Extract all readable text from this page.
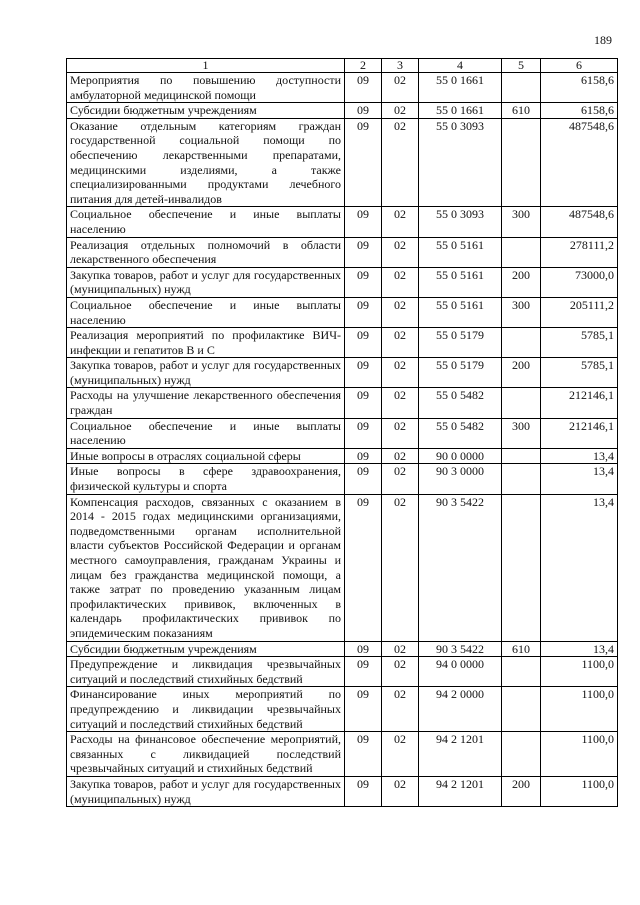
189
1	2	3	4	5	6
Мероприятия по повышению доступности амбулаторной медицинской помощи	09	02	55 0 1661		6158,6
Субсидии бюджетным учреждениям	09	02	55 0 1661	610	6158,6
Оказание отдельным категориям граждан государственной социальной помощи по обеспечению лекарственными препаратами, медицинскими изделиями, а также специализированными продуктами лечебного питания для детей-инвалидов	09	02	55 0 3093		487548,6
Социальное обеспечение и иные выплаты населению	09	02	55 0 3093	300	487548,6
Реализация отдельных полномочий в области лекарственного обеспечения	09	02	55 0 5161		278111,2
Закупка товаров, работ и услуг для государственных (муниципальных) нужд	09	02	55 0 5161	200	73000,0
Социальное обеспечение и иные выплаты населению	09	02	55 0 5161	300	205111,2
Реализация мероприятий по профилактике ВИЧ-инфекции и гепатитов В и С	09	02	55 0 5179		5785,1
Закупка товаров, работ и услуг для государственных (муниципальных) нужд	09	02	55 0 5179	200	5785,1
Расходы на улучшение лекарственного обеспечения граждан	09	02	55 0 5482		212146,1
Социальное обеспечение и иные выплаты населению	09	02	55 0 5482	300	212146,1
Иные вопросы в отраслях социальной сферы	09	02	90 0 0000		13,4
Иные вопросы в сфере здравоохранения, физической культуры и спорта	09	02	90 3 0000		13,4
Компенсация расходов, связанных с оказанием в 2014 - 2015 годах медицинскими организациями, подведомственными органам исполнительной власти субъектов Российской Федерации и органам местного самоуправления, гражданам Украины и лицам без гражданства медицинской помощи, а также затрат по проведению указанным лицам профилактических прививок, включенных в календарь профилактических прививок по эпидемическим показаниям	09	02	90 3 5422		13,4
Субсидии бюджетным учреждениям	09	02	90 3 5422	610	13,4
Предупреждение и ликвидация чрезвычайных ситуаций и последствий стихийных бедствий	09	02	94 0 0000		1100,0
Финансирование иных мероприятий по предупреждению и ликвидации чрезвычайных ситуаций и последствий стихийных бедствий	09	02	94 2 0000		1100,0
Расходы на финансовое обеспечение мероприятий, связанных с ликвидацией последствий чрезвычайных ситуаций и стихийных бедствий	09	02	94 2 1201		1100,0
Закупка товаров, работ и услуг для государственных (муниципальных) нужд	09	02	94 2 1201	200	1100,0
